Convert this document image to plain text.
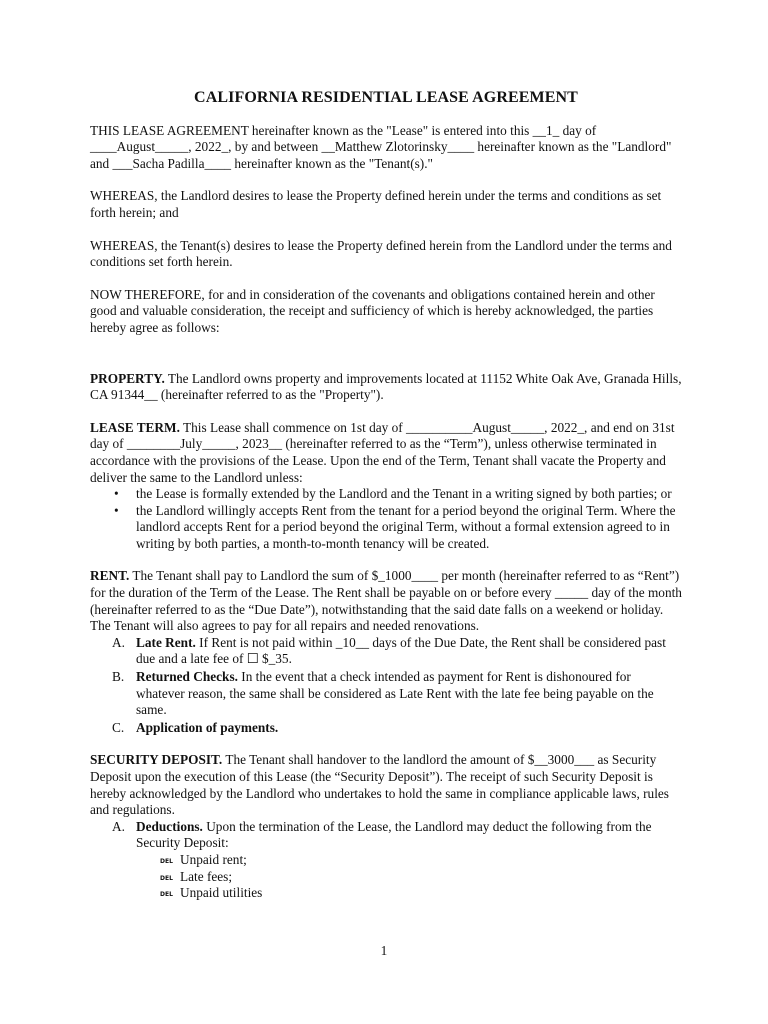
CALIFORNIA RESIDENTIAL LEASE AGREEMENT

THIS LEASE AGREEMENT hereinafter known as the "Lease" is entered into this __1_ day of ____August_____, 2022_, by and between __Matthew Zlotorinsky____ hereinafter known as the "Landlord" and ___Sacha Padilla____ hereinafter known as the "Tenant(s)."

WHEREAS, the Landlord desires to lease the Property defined herein under the terms and conditions as set forth herein; and

WHEREAS, the Tenant(s) desires to lease the Property defined herein from the Landlord under the terms and conditions set forth herein.

NOW THEREFORE, for and in consideration of the covenants and obligations contained herein and other good and valuable consideration, the receipt and sufficiency of which is hereby acknowledged, the parties hereby agree as follows:

PROPERTY. The Landlord owns property and improvements located at 11152 White Oak Ave, Granada Hills, CA 91344__ (hereinafter referred to as the "Property").

LEASE TERM. This Lease shall commence on 1st day of __________August_____, 2022_, and end on 31st day of ________July_____, 2023__ (hereinafter referred to as the “Term”), unless otherwise terminated in accordance with the provisions of the Lease. Upon the end of the Term, Tenant shall vacate the Property and deliver the same to the Landlord unless:
• the Lease is formally extended by the Landlord and the Tenant in a writing signed by both parties; or
• the Landlord willingly accepts Rent from the tenant for a period beyond the original Term. Where the landlord accepts Rent for a period beyond the original Term, without a formal extension agreed to in writing by both parties, a month-to-month tenancy will be created.
RENT. The Tenant shall pay to Landlord the sum of $_1000____ per month (hereinafter referred to as “Rent”) for the duration of the Term of the Lease. The Rent shall be payable on or before every _____ day of the month (hereinafter referred to as the “Due Date”), notwithstanding that the said date falls on a weekend or holiday. The Tenant will also agrees to pay for all repairs and needed renovations.
A. Late Rent. If Rent is not paid within _10__ days of the Due Date, the Rent shall be considered past due and a late fee of ☐ $_35.
B. Returned Checks. In the event that a check intended as payment for Rent is dishonoured for whatever reason, the same shall be considered as Late Rent with the late fee being payable on the same.
C. Application of payments.
SECURITY DEPOSIT. The Tenant shall handover to the landlord the amount of $__3000___ as Security Deposit upon the execution of this Lease (the “Security Deposit”). The receipt of such Security Deposit is hereby acknowledged by the Landlord who undertakes to hold the same in compliance applicable laws, rules and regulations.
A. Deductions. Upon the termination of the Lease, the Landlord may deduct the following from the Security Deposit:
DEL Unpaid rent;
DEL Late fees;
DEL Unpaid utilities
1
